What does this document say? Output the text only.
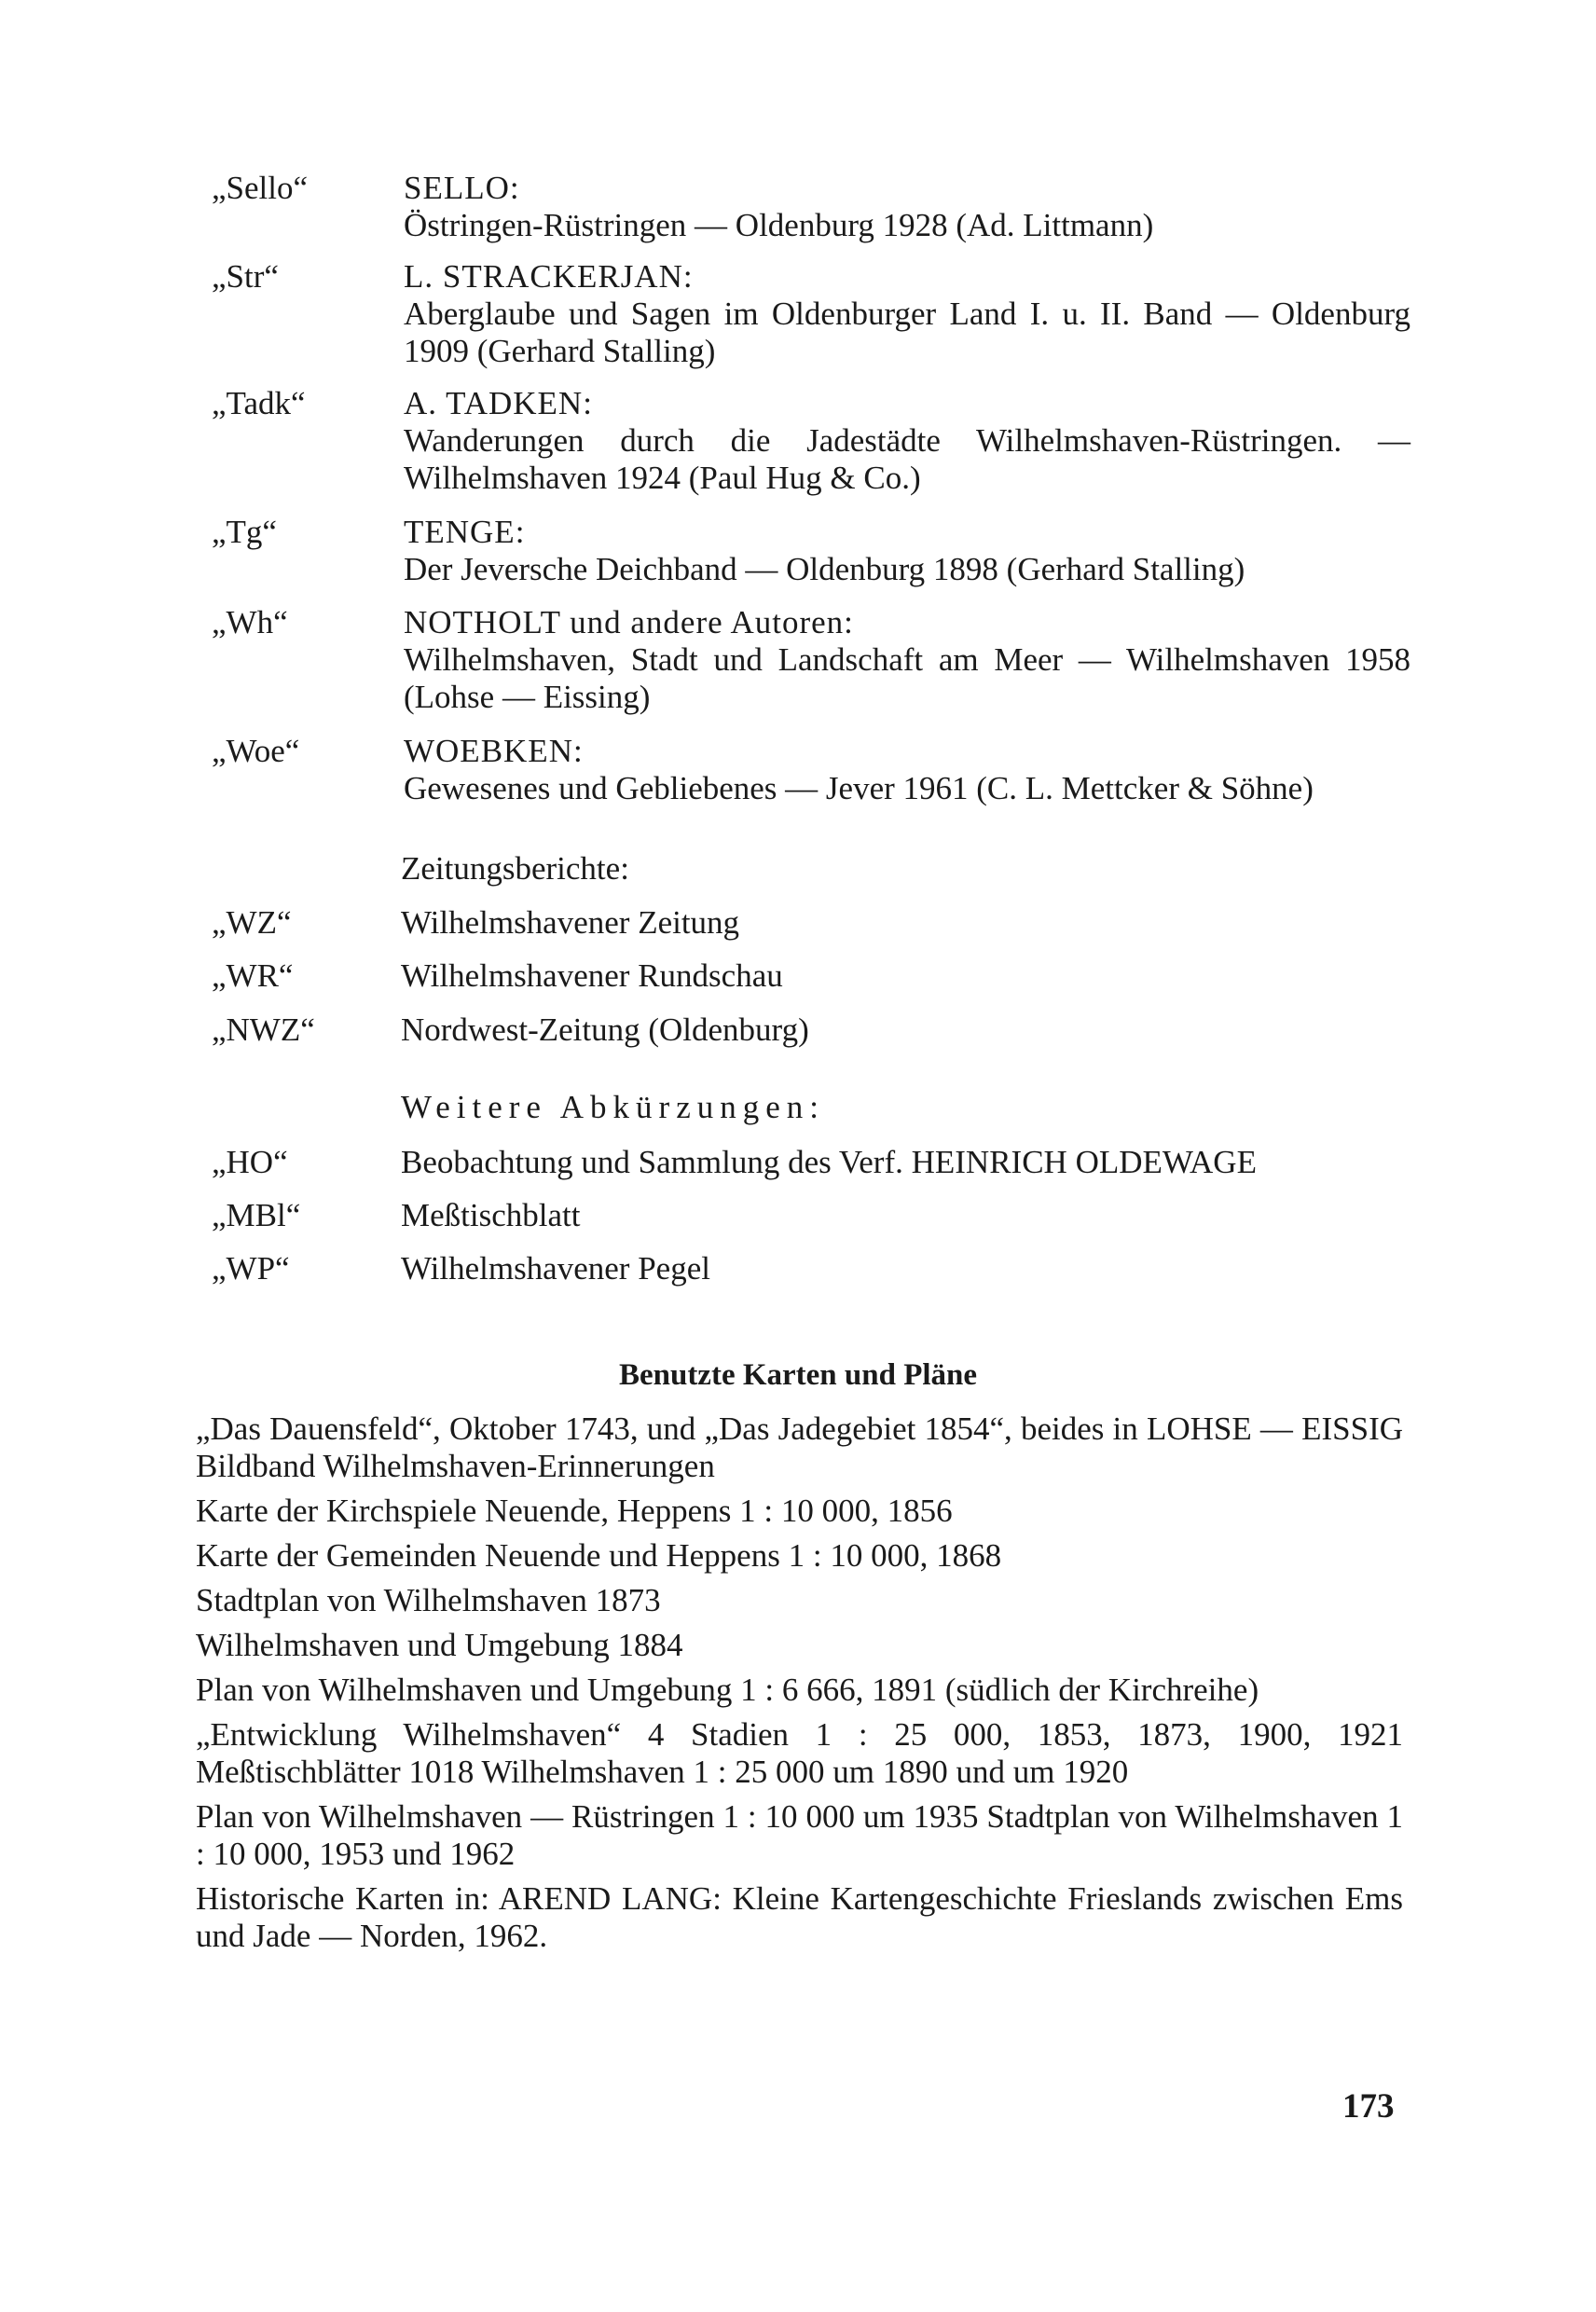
„Sello“	SELLO:
Östringen-Rüstringen — Oldenburg 1928 (Ad. Littmann)
„Str“	L. STRACKERJAN:
Aberglaube und Sagen im Oldenburger Land I. u. II. Band — Oldenburg 1909 (Gerhard Stalling)
„Tadk“	A. TADKEN:
Wanderungen durch die Jadestädte Wilhelmshaven-Rüstringen. — Wilhelmshaven 1924 (Paul Hug & Co.)
„Tg“	TENGE:
Der Jeversche Deichband — Oldenburg 1898 (Gerhard Stalling)
„Wh“	NOTHOLT und andere Autoren:
Wilhelmshaven, Stadt und Landschaft am Meer — Wilhelmshaven 1958 (Lohse — Eissing)
„Woe“	WOEBKEN:
Gewesenes und Gebliebenes — Jever 1961 (C. L. Mettcker & Söhne)
Zeitungsberichte:
„WZ“	Wilhelmshavener Zeitung
„WR“	Wilhelmshavener Rundschau
„NWZ“	Nordwest-Zeitung (Oldenburg)
Weitere Abkürzungen:
„HO“	Beobachtung und Sammlung des Verf. HEINRICH OLDEWAGE
„MBl“	Meßtischblatt
„WP“	Wilhelmshavener Pegel
Benutzte Karten und Pläne
„Das Dauensfeld“, Oktober 1743, und „Das Jadegebiet 1854“, beides in LOHSE — EISSIG Bildband Wilhelmshaven-Erinnerungen
Karte der Kirchspiele Neuende, Heppens 1 : 10 000, 1856
Karte der Gemeinden Neuende und Heppens 1 : 10 000, 1868
Stadtplan von Wilhelmshaven 1873
Wilhelmshaven und Umgebung 1884
Plan von Wilhelmshaven und Umgebung 1 : 6 666, 1891 (südlich der Kirchreihe)
„Entwicklung Wilhelmshaven“ 4 Stadien 1 : 25 000, 1853, 1873, 1900, 1921 Meßtischblätter 1018 Wilhelmshaven 1 : 25 000 um 1890 und um 1920
Plan von Wilhelmshaven — Rüstringen 1 : 10 000 um 1935 Stadtplan von Wilhelmshaven 1 : 10 000, 1953 und 1962
Historische Karten in: AREND LANG: Kleine Kartengeschichte Frieslands zwischen Ems und Jade — Norden, 1962.
173
